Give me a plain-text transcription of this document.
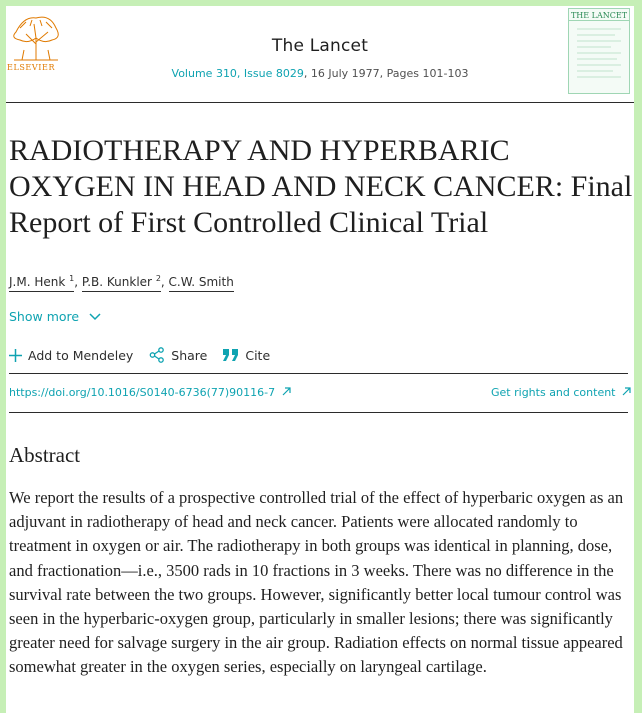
ELSEVIER
The Lancet
Volume 310, Issue 8029, 16 July 1977, Pages 101-103
THE LANCET
RADIOTHERAPY AND HYPERBARIC OXYGEN IN HEAD AND NECK CANCER: Final Report of First Controlled Clinical Trial
J.M. Henk $^1$, P.B. Kunkler $^2$, C.W. Smith
Show more
Add to Mendeley	Share	Cite
https://doi.org/10.1016/S0140-6736(77)90116-7	Get rights and content
Abstract

We report the results of a prospective controlled trial of the effect of hyperbaric oxygen as an adjuvant in radiotherapy of head and neck cancer. Patients were allocated randomly to treatment in oxygen or air. The radiotherapy in both groups was identical in planning, dose, and fractionation—i.e., 3500 rads in 10 fractions in 3 weeks. There was no difference in the survival rate between the two groups. However, significantly better local tumour control was seen in the hyperbaric-oxygen group, particularly in smaller lesions; there was significantly greater need for salvage surgery in the air group. Radiation effects on normal tissue appeared somewhat greater in the oxygen series, especially on laryngeal cartilage.
